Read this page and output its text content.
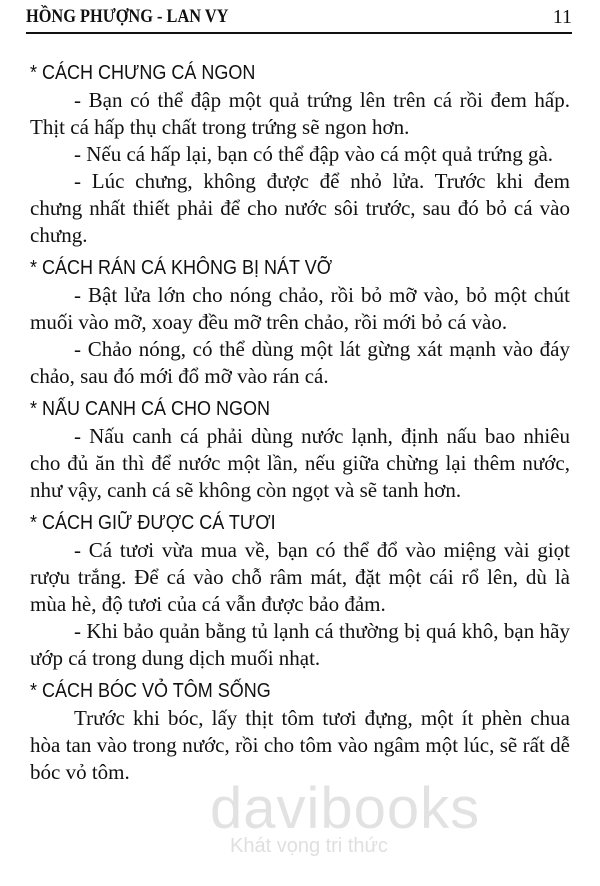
HỒNG PHƯỢNG - LAN VY	11

* CÁCH CHƯNG CÁ NGON

- Bạn có thể đập một quả trứng lên trên cá rồi đem hấp. Thịt cá hấp thụ chất trong trứng sẽ ngon hơn.

- Nếu cá hấp lại, bạn có thể đập vào cá một quả trứng gà.

- Lúc chưng, không được để nhỏ lửa. Trước khi đem chưng nhất thiết phải để cho nước sôi trước, sau đó bỏ cá vào chưng.

* CÁCH RÁN CÁ KHÔNG BỊ NÁT VỠ

- Bật lửa lớn cho nóng chảo, rồi bỏ mỡ vào, bỏ một chút muối vào mỡ, xoay đều mỡ trên chảo, rồi mới bỏ cá vào.

- Chảo nóng, có thể dùng một lát gừng xát mạnh vào đáy chảo, sau đó mới đổ mỡ vào rán cá.

* NẤU CANH CÁ CHO NGON

- Nấu canh cá phải dùng nước lạnh, định nấu bao nhiêu cho đủ ăn thì để nước một lần, nếu giữa chừng lại thêm nước, như vậy, canh cá sẽ không còn ngọt và sẽ tanh hơn.

* CÁCH GIỮ ĐƯỢC CÁ TƯƠI

- Cá tươi vừa mua về, bạn có thể đổ vào miệng vài giọt rượu trắng. Để cá vào chỗ râm mát, đặt một cái rổ lên, dù là mùa hè, độ tươi của cá vẫn được bảo đảm.

- Khi bảo quản bằng tủ lạnh cá thường bị quá khô, bạn hãy ướp cá trong dung dịch muối nhạt.

* CÁCH BÓC VỎ TÔM SỐNG

Trước khi bóc, lấy thịt tôm tươi đựng, một ít phèn chua hòa tan vào trong nước, rồi cho tôm vào ngâm một lúc, sẽ rất dễ bóc vỏ tôm.

davibooks
Khát vọng tri thức
